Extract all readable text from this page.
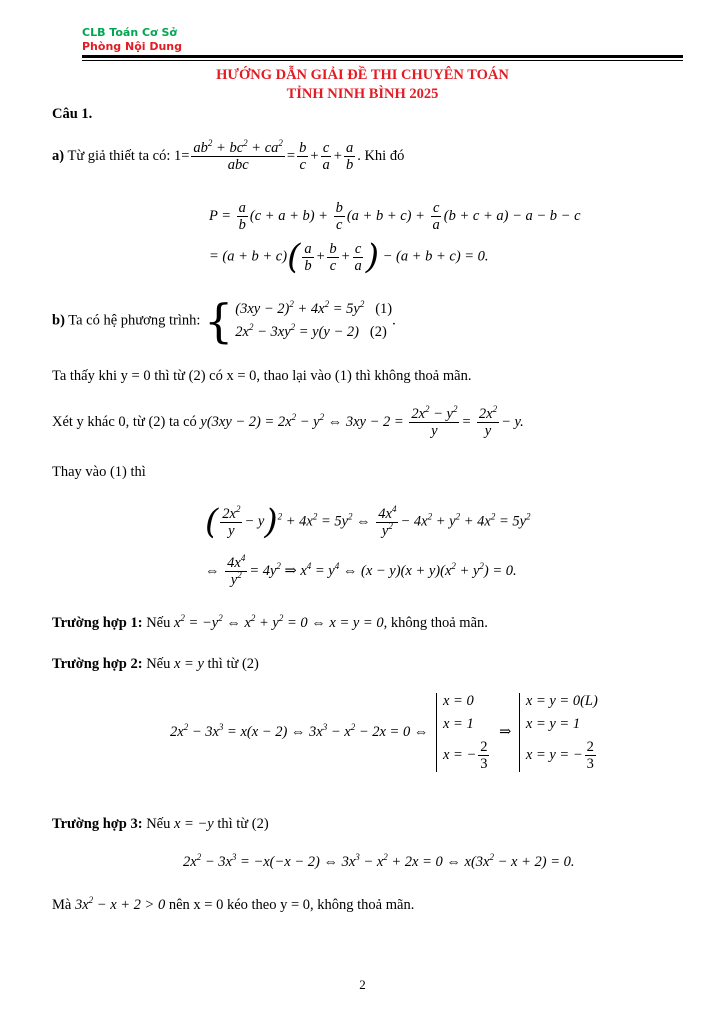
CLB Toán Cơ Sở
Phòng Nội Dung
HƯỚNG DẪN GIẢI ĐỀ THI CHUYÊN TOÁN
TỈNH NINH BÌNH 2025
Câu 1.
a) Từ giả thiết ta có: $1= \frac{ab^2 + bc^2 + ca^2}{\text{abc}} = \frac{b}{c} + \frac{c}{a} + \frac{a}{b}$ . Khi đó
$P = \frac{a}{b} (c + a + b) + \frac{b}{c} (a + b + c) + \frac{c}{a} (b + c + a) - a - b - c$
= $(a + b + c)( \frac{a}{b} + \frac{b}{c} + \frac{c}{a}$ ) − (a + b + c) = 0.
b) Ta có hệ phương trình: { $(3xy - 2)^2 + 4x^2 = 5y^2$ (1)
$2x^2 - 3xy^2 = y(y - 2)$   (2)
.
Ta thấy khi y = 0 thì từ (2) có x = 0, thao lại vào (1) thì không thoả mãn.
Xét y khác 0, từ (2) ta có $y(3xy - 2) = 2x^2 - y^2$ ⇔ $3xy - 2 = \frac{2x^2 - y^2}{y} = \frac{2x^2}{y} - y$.
Thay vào (1) thì
( $\frac{2x^2}{y} - y)^2 + 4x^2 = 5y^2$ ⇔ $\frac{4x^4}{y^2} - 4x^2 + y^2 + 4x^2 = 5y^2$
⇔ $\frac{4x^4}{y^2} = 4y^2$ ⇒ $x^4 = y^4$ ⇔ $(x - y)(x + y)(x^2 + y^2) = 0$.
Trường hợp 1: Nếu $x^2 = -y^2$ ⇔ $x^2 + y^2 = 0$ ⇔ x = y = 0, không thoả mãn.
Trường hợp 2: Nếu x = y thì từ (2)
$2x^2 - 3x^3 = x(x - 2)$ ⇔ $3x^3 - x^2 - 2x = 0$ ⇔
x = 0
x = 1
x = − $\frac{2}{3}$
⇒
x = y = 0(L)
x = y = 1
x = y = − $\frac{2}{3}$
Trường hợp 3: Nếu x = −y thì từ (2)
$2x^2 - 3x^3 = -x(-x - 2)$ ⇔ $3x^3 - x^2 + 2x = 0$ ⇔ $x(3x^2 - x + 2) = 0$.
Mà $3x^2 - x + 2 > 0$ nên x = 0 kéo theo y = 0, không thoả mãn.
2
